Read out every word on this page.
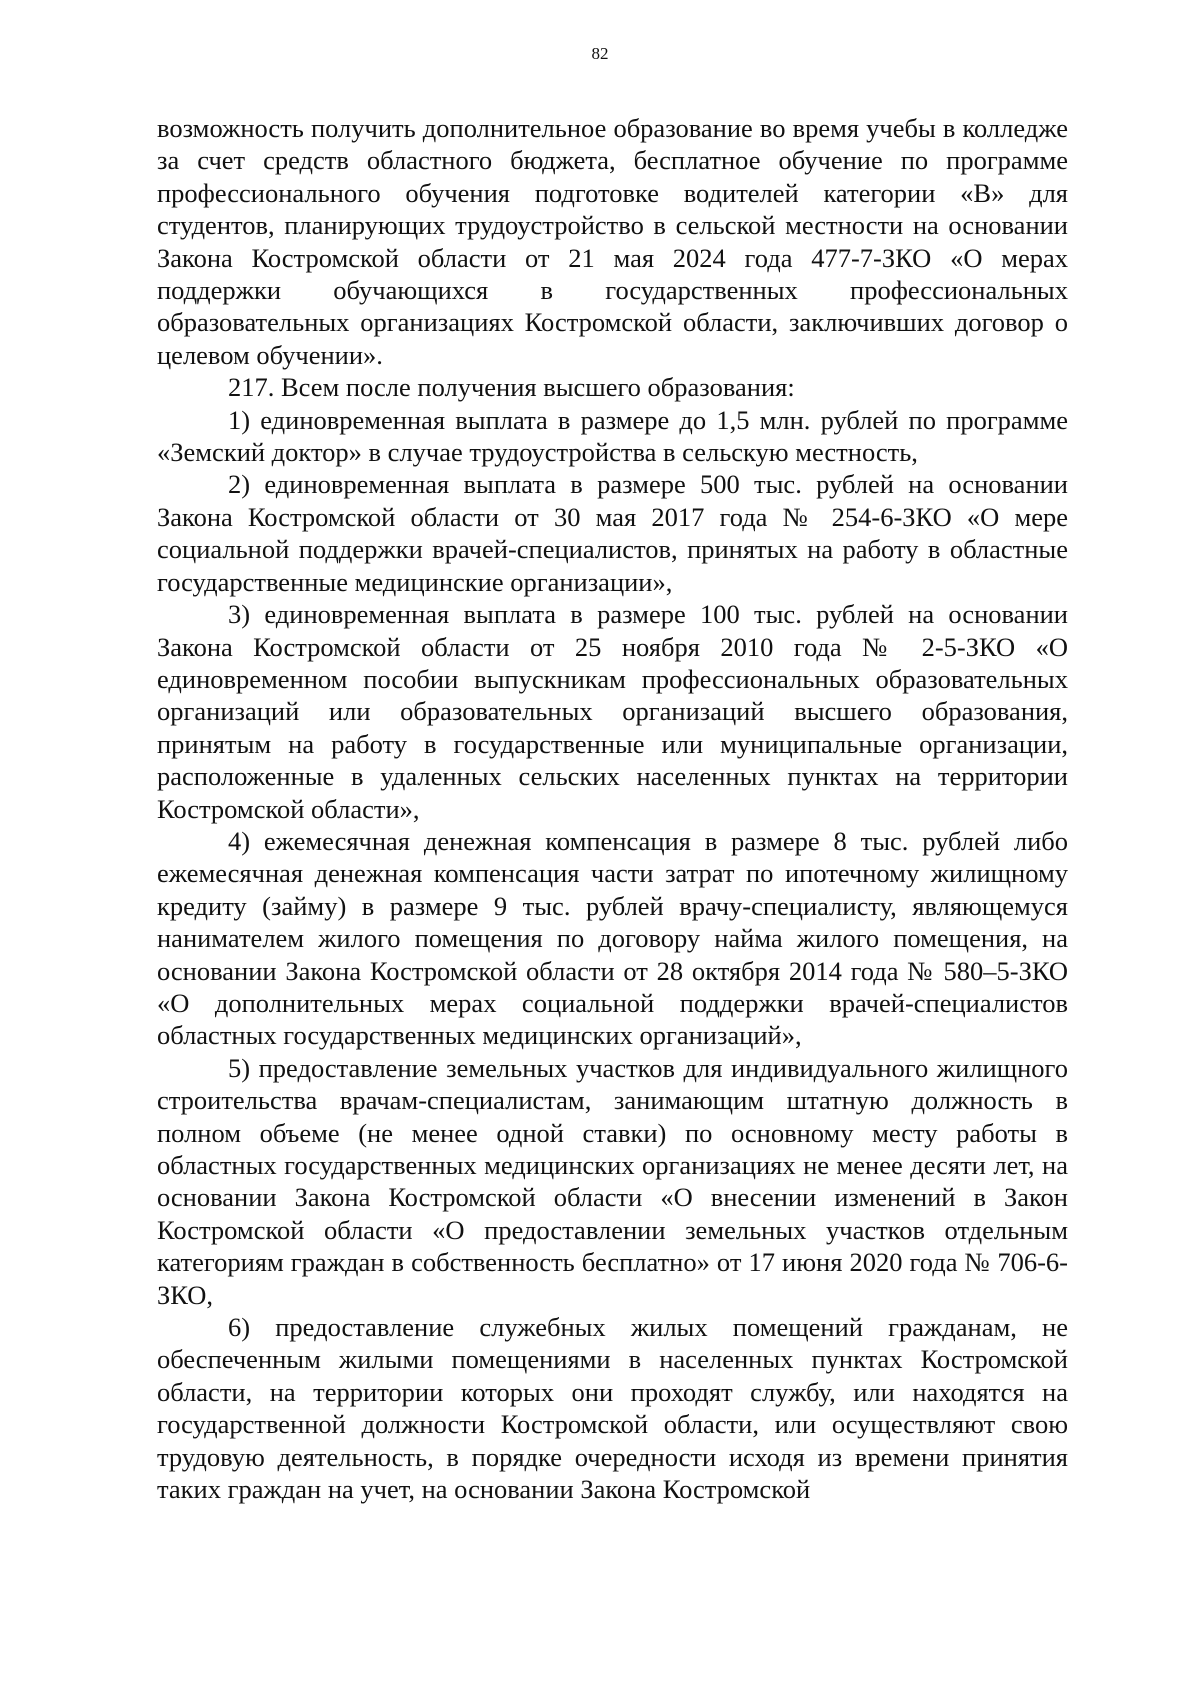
82

возможность получить дополнительное образование во время учебы в колледже за счет средств областного бюджета, бесплатное обучение по программе профессионального обучения подготовке водителей категории «В» для студентов, планирующих трудоустройство в сельской местности на основании Закона Костромской области от 21 мая 2024 года 477-7-ЗКО «О мерах поддержки обучающихся в государственных профессиональных образовательных организациях Костромской области, заключивших договор о целевом обучении».

217. Всем после получения высшего образования:

1) единовременная выплата в размере до 1,5 млн. рублей по программе «Земский доктор» в случае трудоустройства в сельскую местность,

2) единовременная выплата в размере 500 тыс. рублей на основании Закона Костромской области от 30 мая 2017 года № 254-6-ЗКО «О мере социальной поддержки врачей-специалистов, принятых на работу в областные государственные медицинские организации»,

3) единовременная выплата в размере 100 тыс. рублей на основании Закона Костромской области от 25 ноября 2010 года № 2-5-ЗКО «О единовременном пособии выпускникам профессиональных образовательных организаций или образовательных организаций высшего образования, принятым на работу в государственные или муниципальные организации, расположенные в удаленных сельских населенных пунктах на территории Костромской области»,

4) ежемесячная денежная компенсация в размере 8 тыс. рублей либо ежемесячная денежная компенсация части затрат по ипотечному жилищному кредиту (займу) в размере 9 тыс. рублей врачу-специалисту, являющемуся нанимателем жилого помещения по договору найма жилого помещения, на основании Закона Костромской области от 28 октября 2014 года № 580–5-ЗКО «О дополнительных мерах социальной поддержки врачей-специалистов областных государственных медицинских организаций»,

5) предоставление земельных участков для индивидуального жилищного строительства врачам-специалистам, занимающим штатную должность в полном объеме (не менее одной ставки) по основному месту работы в областных государственных медицинских организациях не менее десяти лет, на основании Закона Костромской области «О внесении изменений в Закон Костромской области «О предоставлении земельных участков отдельным категориям граждан в собственность бесплатно» от 17 июня 2020 года № 706-6-ЗКО,

6) предоставление служебных жилых помещений гражданам, не обеспеченным жилыми помещениями в населенных пунктах Костромской области, на территории которых они проходят службу, или находятся на государственной должности Костромской области, или осуществляют свою трудовую деятельность, в порядке очередности исходя из времени принятия таких граждан на учет, на основании Закона Костромской
